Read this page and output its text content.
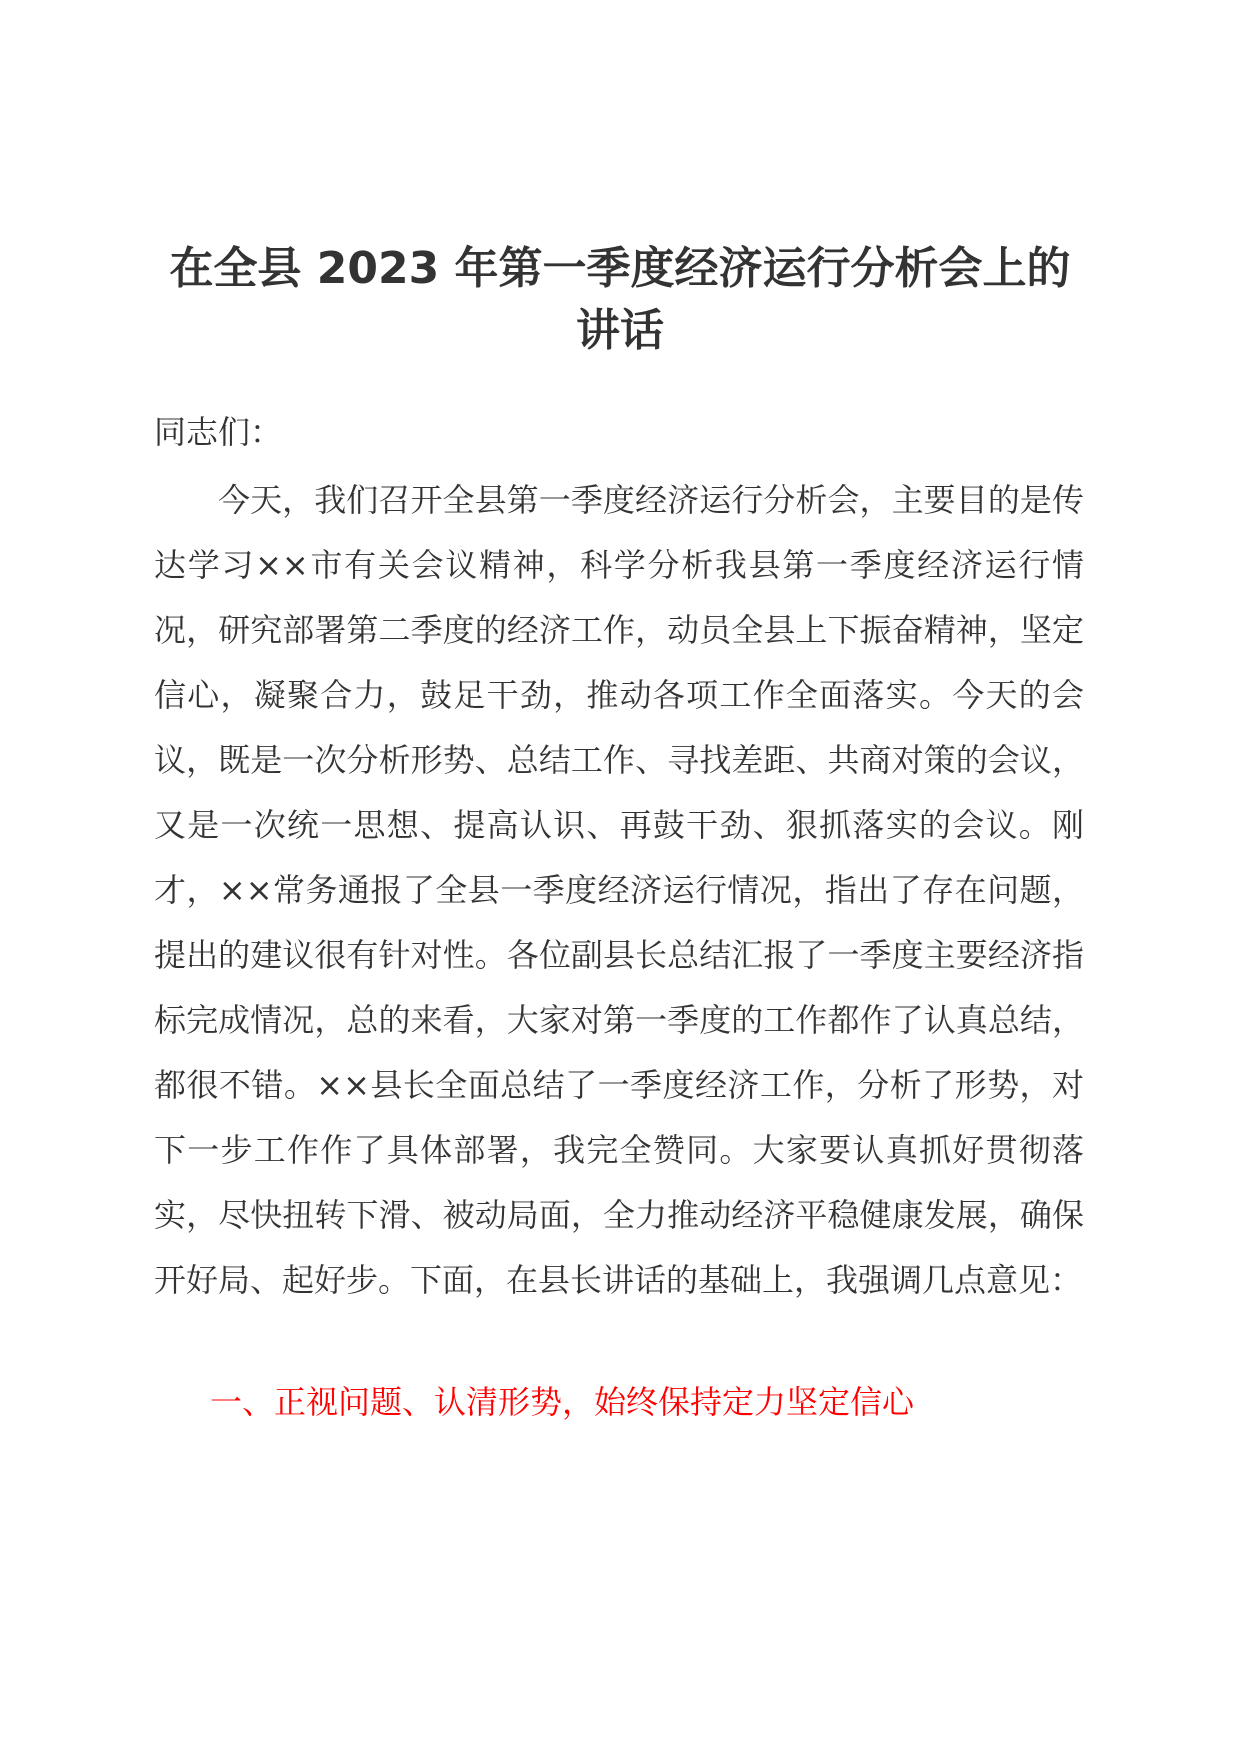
在全县 2023 年第一季度经济运行分析会上的
讲话

同志们：

今天，我们召开全县第一季度经济运行分析会，主要目的是传达学习××市有关会议精神，科学分析我县第一季度经济运行情况，研究部署第二季度的经济工作，动员全县上下振奋精神，坚定信心，凝聚合力，鼓足干劲，推动各项工作全面落实。今天的会议，既是一次分析形势、总结工作、寻找差距、共商对策的会议，又是一次统一思想、提高认识、再鼓干劲、狠抓落实的会议。刚才，××常务通报了全县一季度经济运行情况，指出了存在问题，提出的建议很有针对性。各位副县长总结汇报了一季度主要经济指标完成情况，总的来看，大家对第一季度的工作都作了认真总结，都很不错。××县长全面总结了一季度经济工作，分析了形势，对下一步工作作了具体部署，我完全赞同。大家要认真抓好贯彻落实，尽快扭转下滑、被动局面，全力推动经济平稳健康发展，确保开好局、起好步。下面，在县长讲话的基础上，我强调几点意见：

一、正视问题、认清形势，始终保持定力坚定信心
